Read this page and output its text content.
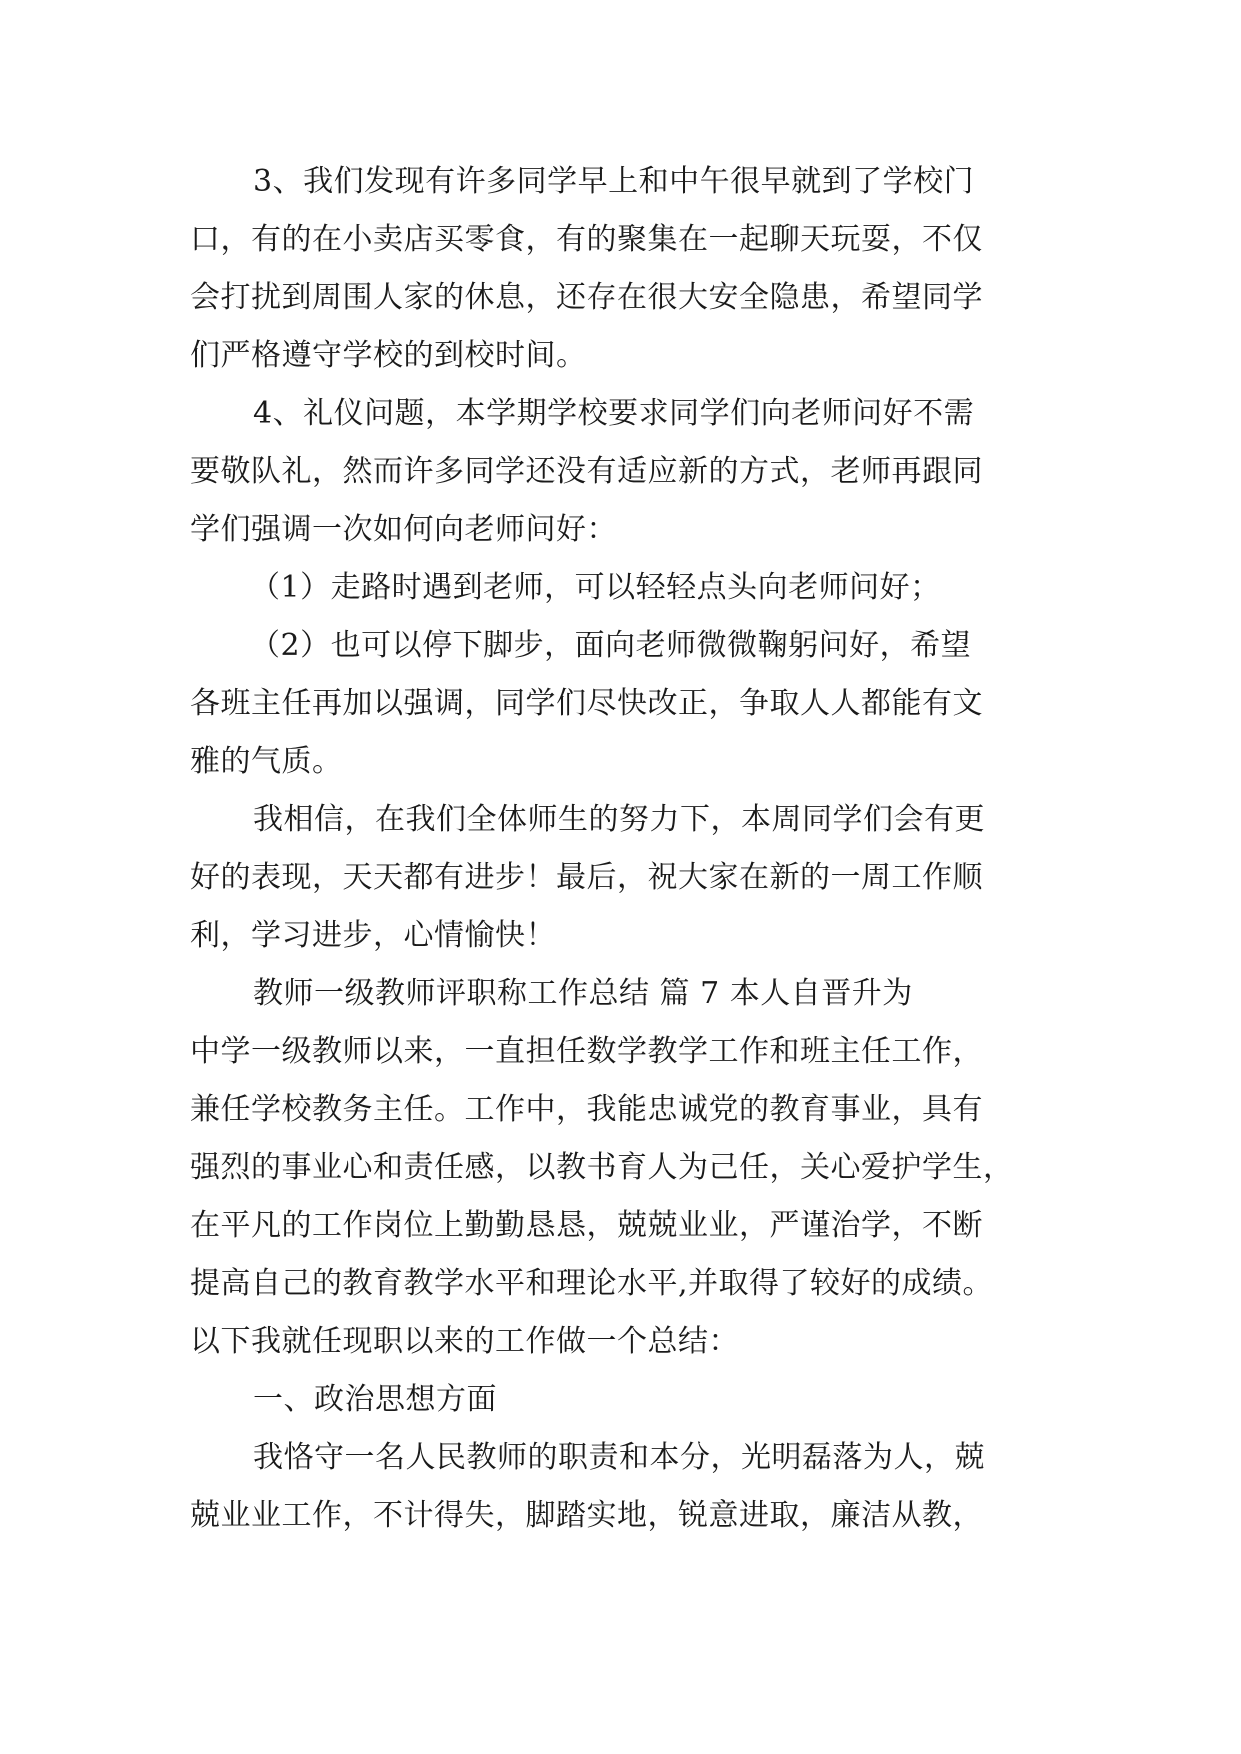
3、我们发现有许多同学早上和中午很早就到了学校门
口，有的在小卖店买零食，有的聚集在一起聊天玩耍，不仅
会打扰到周围人家的休息，还存在很大安全隐患，希望同学
们严格遵守学校的到校时间。
4、礼仪问题，本学期学校要求同学们向老师问好不需
要敬队礼，然而许多同学还没有适应新的方式，老师再跟同
学们强调一次如何向老师问好：
（1）走路时遇到老师，可以轻轻点头向老师问好；
（2）也可以停下脚步，面向老师微微鞠躬问好，希望
各班主任再加以强调，同学们尽快改正，争取人人都能有文
雅的气质。
我相信，在我们全体师生的努力下，本周同学们会有更
好的表现，天天都有进步！最后，祝大家在新的一周工作顺
利，学习进步，心情愉快！
教师一级教师评职称工作总结 篇 7 本人自晋升为
中学一级教师以来，一直担任数学教学工作和班主任工作，
兼任学校教务主任。工作中，我能忠诚党的教育事业，具有
强烈的事业心和责任感，以教书育人为己任，关心爱护学生，
在平凡的工作岗位上勤勤恳恳，兢兢业业，严谨治学，不断
提高自己的教育教学水平和理论水平,并取得了较好的成绩。
以下我就任现职以来的工作做一个总结：
一、政治思想方面
我恪守一名人民教师的职责和本分，光明磊落为人，兢
兢业业工作，不计得失，脚踏实地，锐意进取，廉洁从教，
